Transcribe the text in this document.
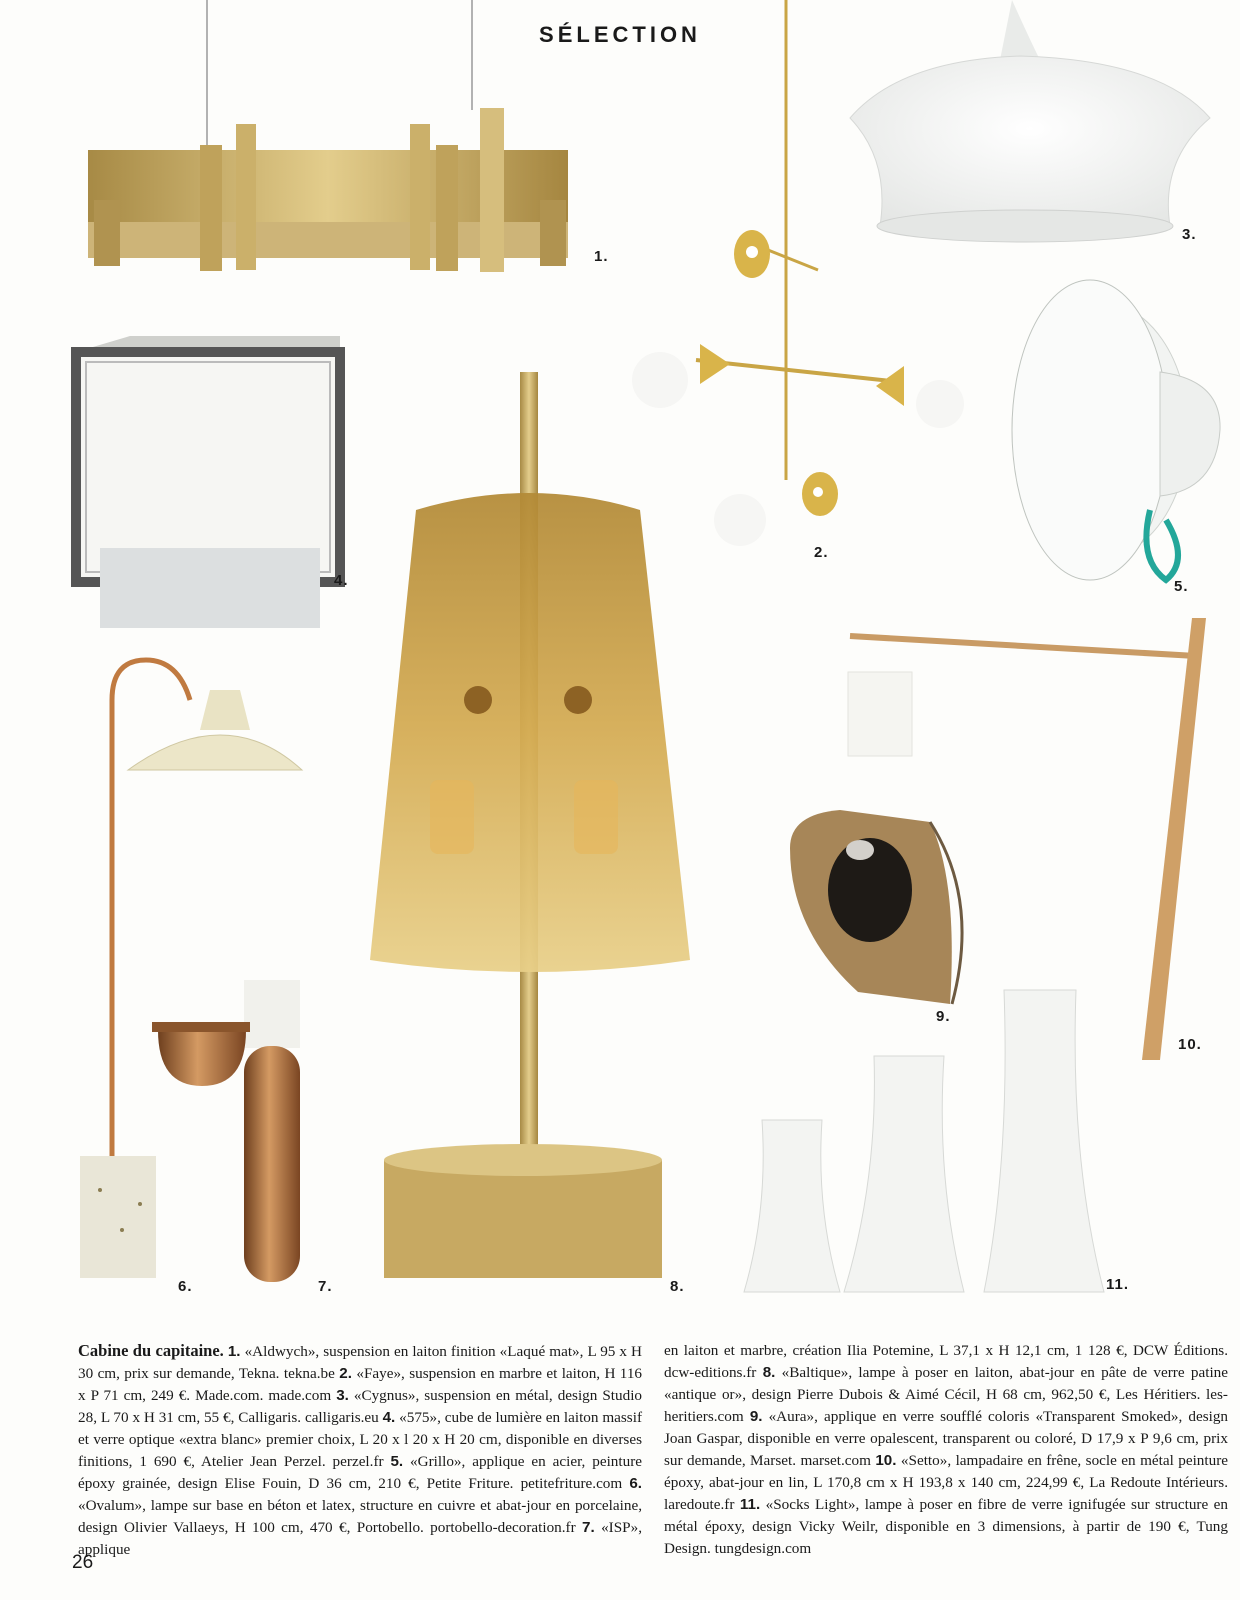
SÉLECTION
1.
2.
3.
4.	5.
6.	7.	8.
9.
10.
11.
Cabine du capitaine. 1. «Aldwych», suspension en laiton finition «Laqué mat», L 95 x H 30 cm, prix sur demande, Tekna. tekna.be 2. «Faye», suspension en marbre et laiton, H 116 x P 71 cm, 249 €. Made.com. made.com 3. «Cygnus», suspension en métal, design Studio 28, L 70 x H 31 cm, 55 €, Calligaris. calligaris.eu 4. «575», cube de lumière en laiton massif et verre optique «extra blanc» premier choix, L 20 x l 20 x H 20 cm, disponible en diverses finitions, 1 690 €, Atelier Jean Perzel. perzel.fr 5. «Grillo», applique en acier, peinture époxy grainée, design Elise Fouin, D 36 cm, 210 €, Petite Friture. petitefriture.com 6. «Ovalum», lampe sur base en béton et latex, structure en cuivre et abat-jour en porcelaine, design Olivier Vallaeys, H 100 cm, 470 €, Portobello. portobello-decoration.fr 7. «ISP», applique
en laiton et marbre, création Ilia Potemine, L 37,1 x H 12,1 cm, 1 128 €, DCW Éditions. dcw-editions.fr 8. «Baltique», lampe à poser en laiton, abat-jour en pâte de verre patine «antique or», design Pierre Dubois & Aimé Cécil, H 68 cm, 962,50 €, Les Héritiers. les-heritiers.com 9. «Aura», applique en verre soufflé coloris «Transparent Smoked», design Joan Gaspar, disponible en verre opalescent, transparent ou coloré, D 17,9 x P 9,6 cm, prix sur demande, Marset. marset.com 10. «Setto», lampadaire en frêne, socle en métal peinture époxy, abat-jour en lin, L 170,8 cm x H 193,8 x 140 cm, 224,99 €, La Redoute Intérieurs. laredoute.fr 11. «Socks Light», lampe à poser en fibre de verre ignifugée sur structure en métal époxy, design Vicky Weilr, disponible en 3 dimensions, à partir de 190 €, Tung Design. tungdesign.com
26
